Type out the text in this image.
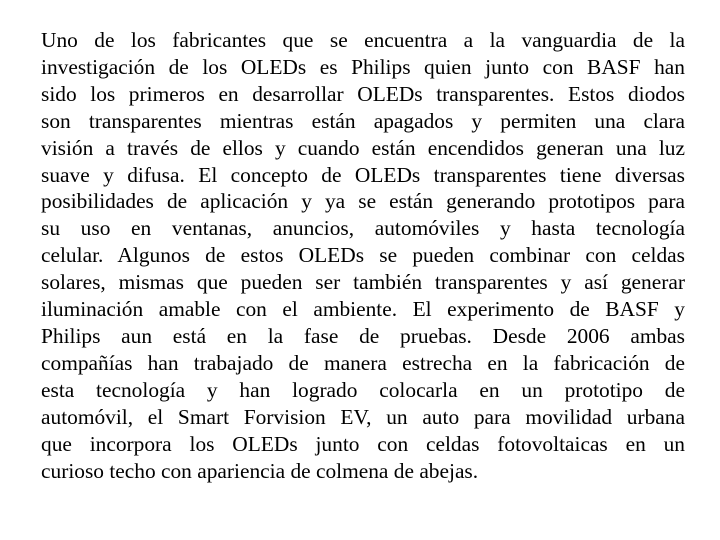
Uno de los fabricantes que se encuentra a la vanguardia de la
investigación de los OLEDs es Philips quien junto con BASF han
sido los primeros en desarrollar OLEDs transparentes. Estos diodos
son transparentes mientras están apagados y permiten una clara
visión a través de ellos y cuando están encendidos generan una luz
suave y difusa. El concepto de OLEDs transparentes tiene diversas
posibilidades de aplicación y ya se están generando prototipos para
su uso en ventanas, anuncios, automóviles y hasta tecnología
celular. Algunos de estos OLEDs se pueden combinar con celdas
solares, mismas que pueden ser también transparentes y así generar
iluminación amable con el ambiente. El experimento de BASF y
Philips aun está en la fase de pruebas. Desde 2006 ambas
compañías han trabajado de manera estrecha en la fabricación de
esta tecnología y han logrado colocarla en un prototipo de
automóvil, el Smart Forvision EV, un auto para movilidad urbana
que incorpora los OLEDs junto con celdas fotovoltaicas en un
curioso techo con apariencia de colmena de abejas.
